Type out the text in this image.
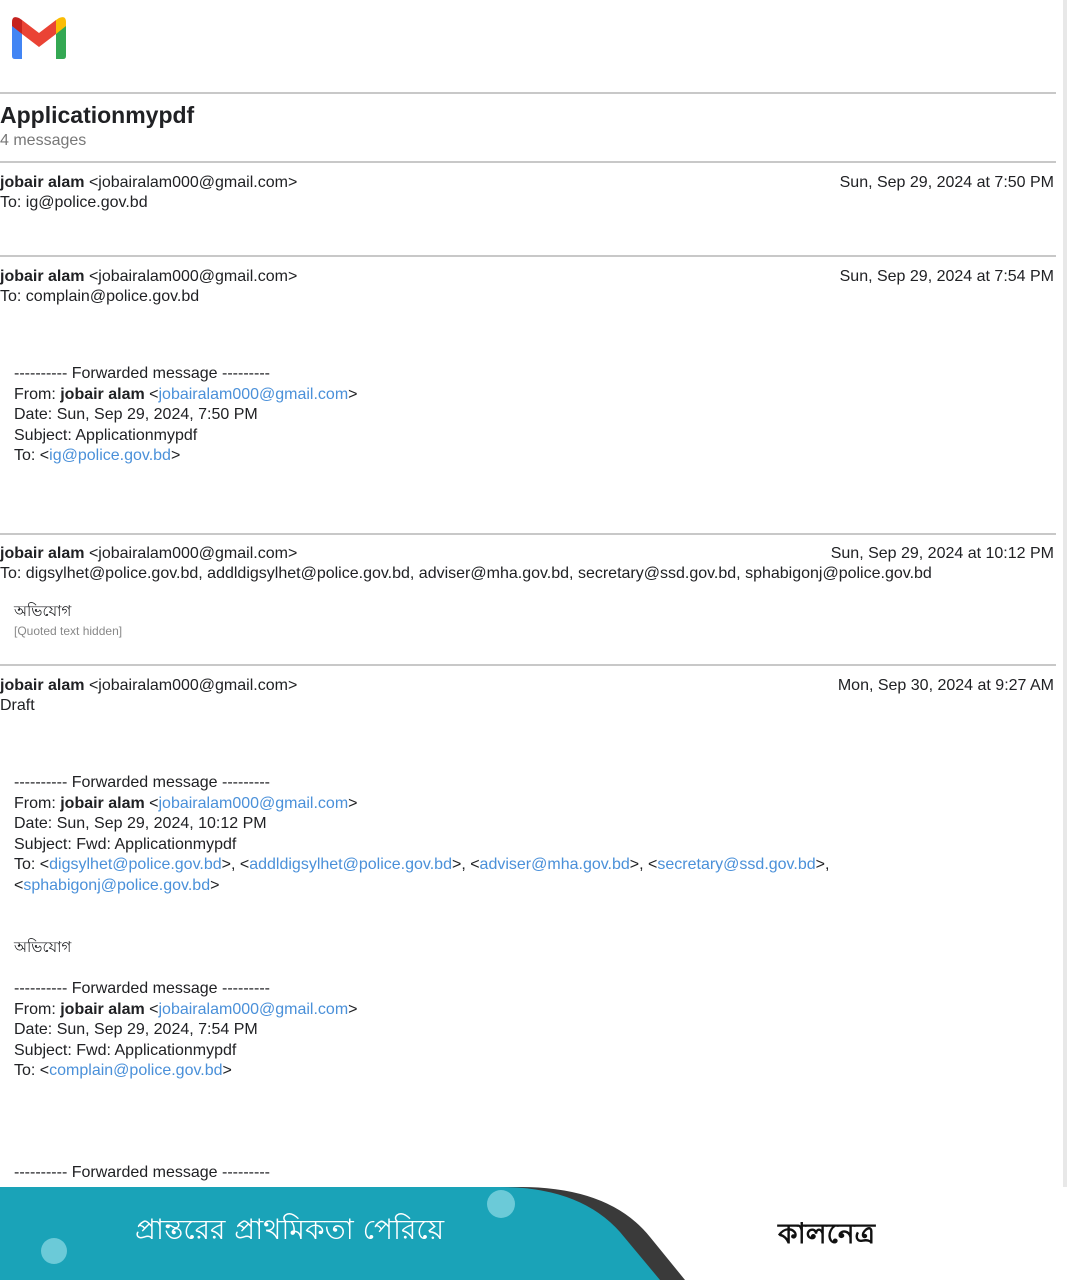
Applicationmypdf
4 messages
jobair alam <jobairalam000@gmail.com>	Sun, Sep 29, 2024 at 7:50 PM
To: ig@police.gov.bd
jobair alam <jobairalam000@gmail.com>	Sun, Sep 29, 2024 at 7:54 PM
To: complain@police.gov.bd
---------- Forwarded message ---------
From: jobair alam <jobairalam000@gmail.com>
Date: Sun, Sep 29, 2024, 7:50 PM
Subject: Applicationmypdf
To: <ig@police.gov.bd>
jobair alam <jobairalam000@gmail.com>	Sun, Sep 29, 2024 at 10:12 PM
To: digsylhet@police.gov.bd, addldigsylhet@police.gov.bd, adviser@mha.gov.bd, secretary@ssd.gov.bd, sphabigonj@police.gov.bd
অভিযোগ
[Quoted text hidden]
jobair alam <jobairalam000@gmail.com>	Mon, Sep 30, 2024 at 9:27 AM
Draft
---------- Forwarded message ---------
From: jobair alam <jobairalam000@gmail.com>
Date: Sun, Sep 29, 2024, 10:12 PM
Subject: Fwd: Applicationmypdf
To: <digsylhet@police.gov.bd>, <addldigsylhet@police.gov.bd>, <adviser@mha.gov.bd>, <secretary@ssd.gov.bd>,
<sphabigonj@police.gov.bd>
অভিযোগ
---------- Forwarded message ---------
From: jobair alam <jobairalam000@gmail.com>
Date: Sun, Sep 29, 2024, 7:54 PM
Subject: Fwd: Applicationmypdf
To: <complain@police.gov.bd>
---------- Forwarded message ---------
প্রান্তরের প্রাথমিকতা পেরিয়ে	কালনেত্র
